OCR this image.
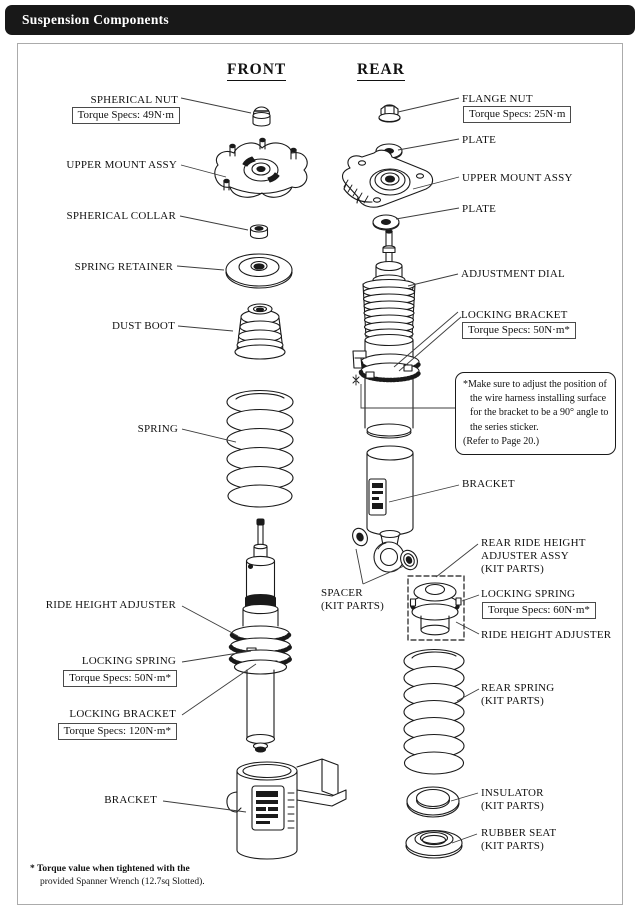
Suspension Components
FRONT	REAR
SPHERICAL NUT
Torque Specs: 49N·m
UPPER MOUNT ASSY
SPHERICAL COLLAR
SPRING RETAINER
DUST BOOT
SPRING
RIDE HEIGHT ADJUSTER
LOCKING SPRING
Torque Specs: 50N·m*
LOCKING BRACKET
Torque Specs: 120N·m*
BRACKET
FLANGE NUT
Torque Specs: 25N·m
PLATE
UPPER MOUNT ASSY
PLATE
ADJUSTMENT DIAL
LOCKING BRACKET
Torque Specs: 50N·m*
*Make sure to adjust the position of
the wire harness installing surface
for the bracket to be a 90° angle to
the series sticker.
(Refer to Page 20.)
BRACKET
REAR RIDE HEIGHT
ADJUSTER ASSY
(KIT PARTS)
SPACER
(KIT PARTS)
LOCKING SPRING
Torque Specs: 60N·m*
RIDE HEIGHT ADJUSTER
REAR SPRING
(KIT PARTS)
INSULATOR
(KIT PARTS)
RUBBER SEAT
(KIT PARTS)
* Torque value when tightened with the
provided Spanner Wrench (12.7sq Slotted).
